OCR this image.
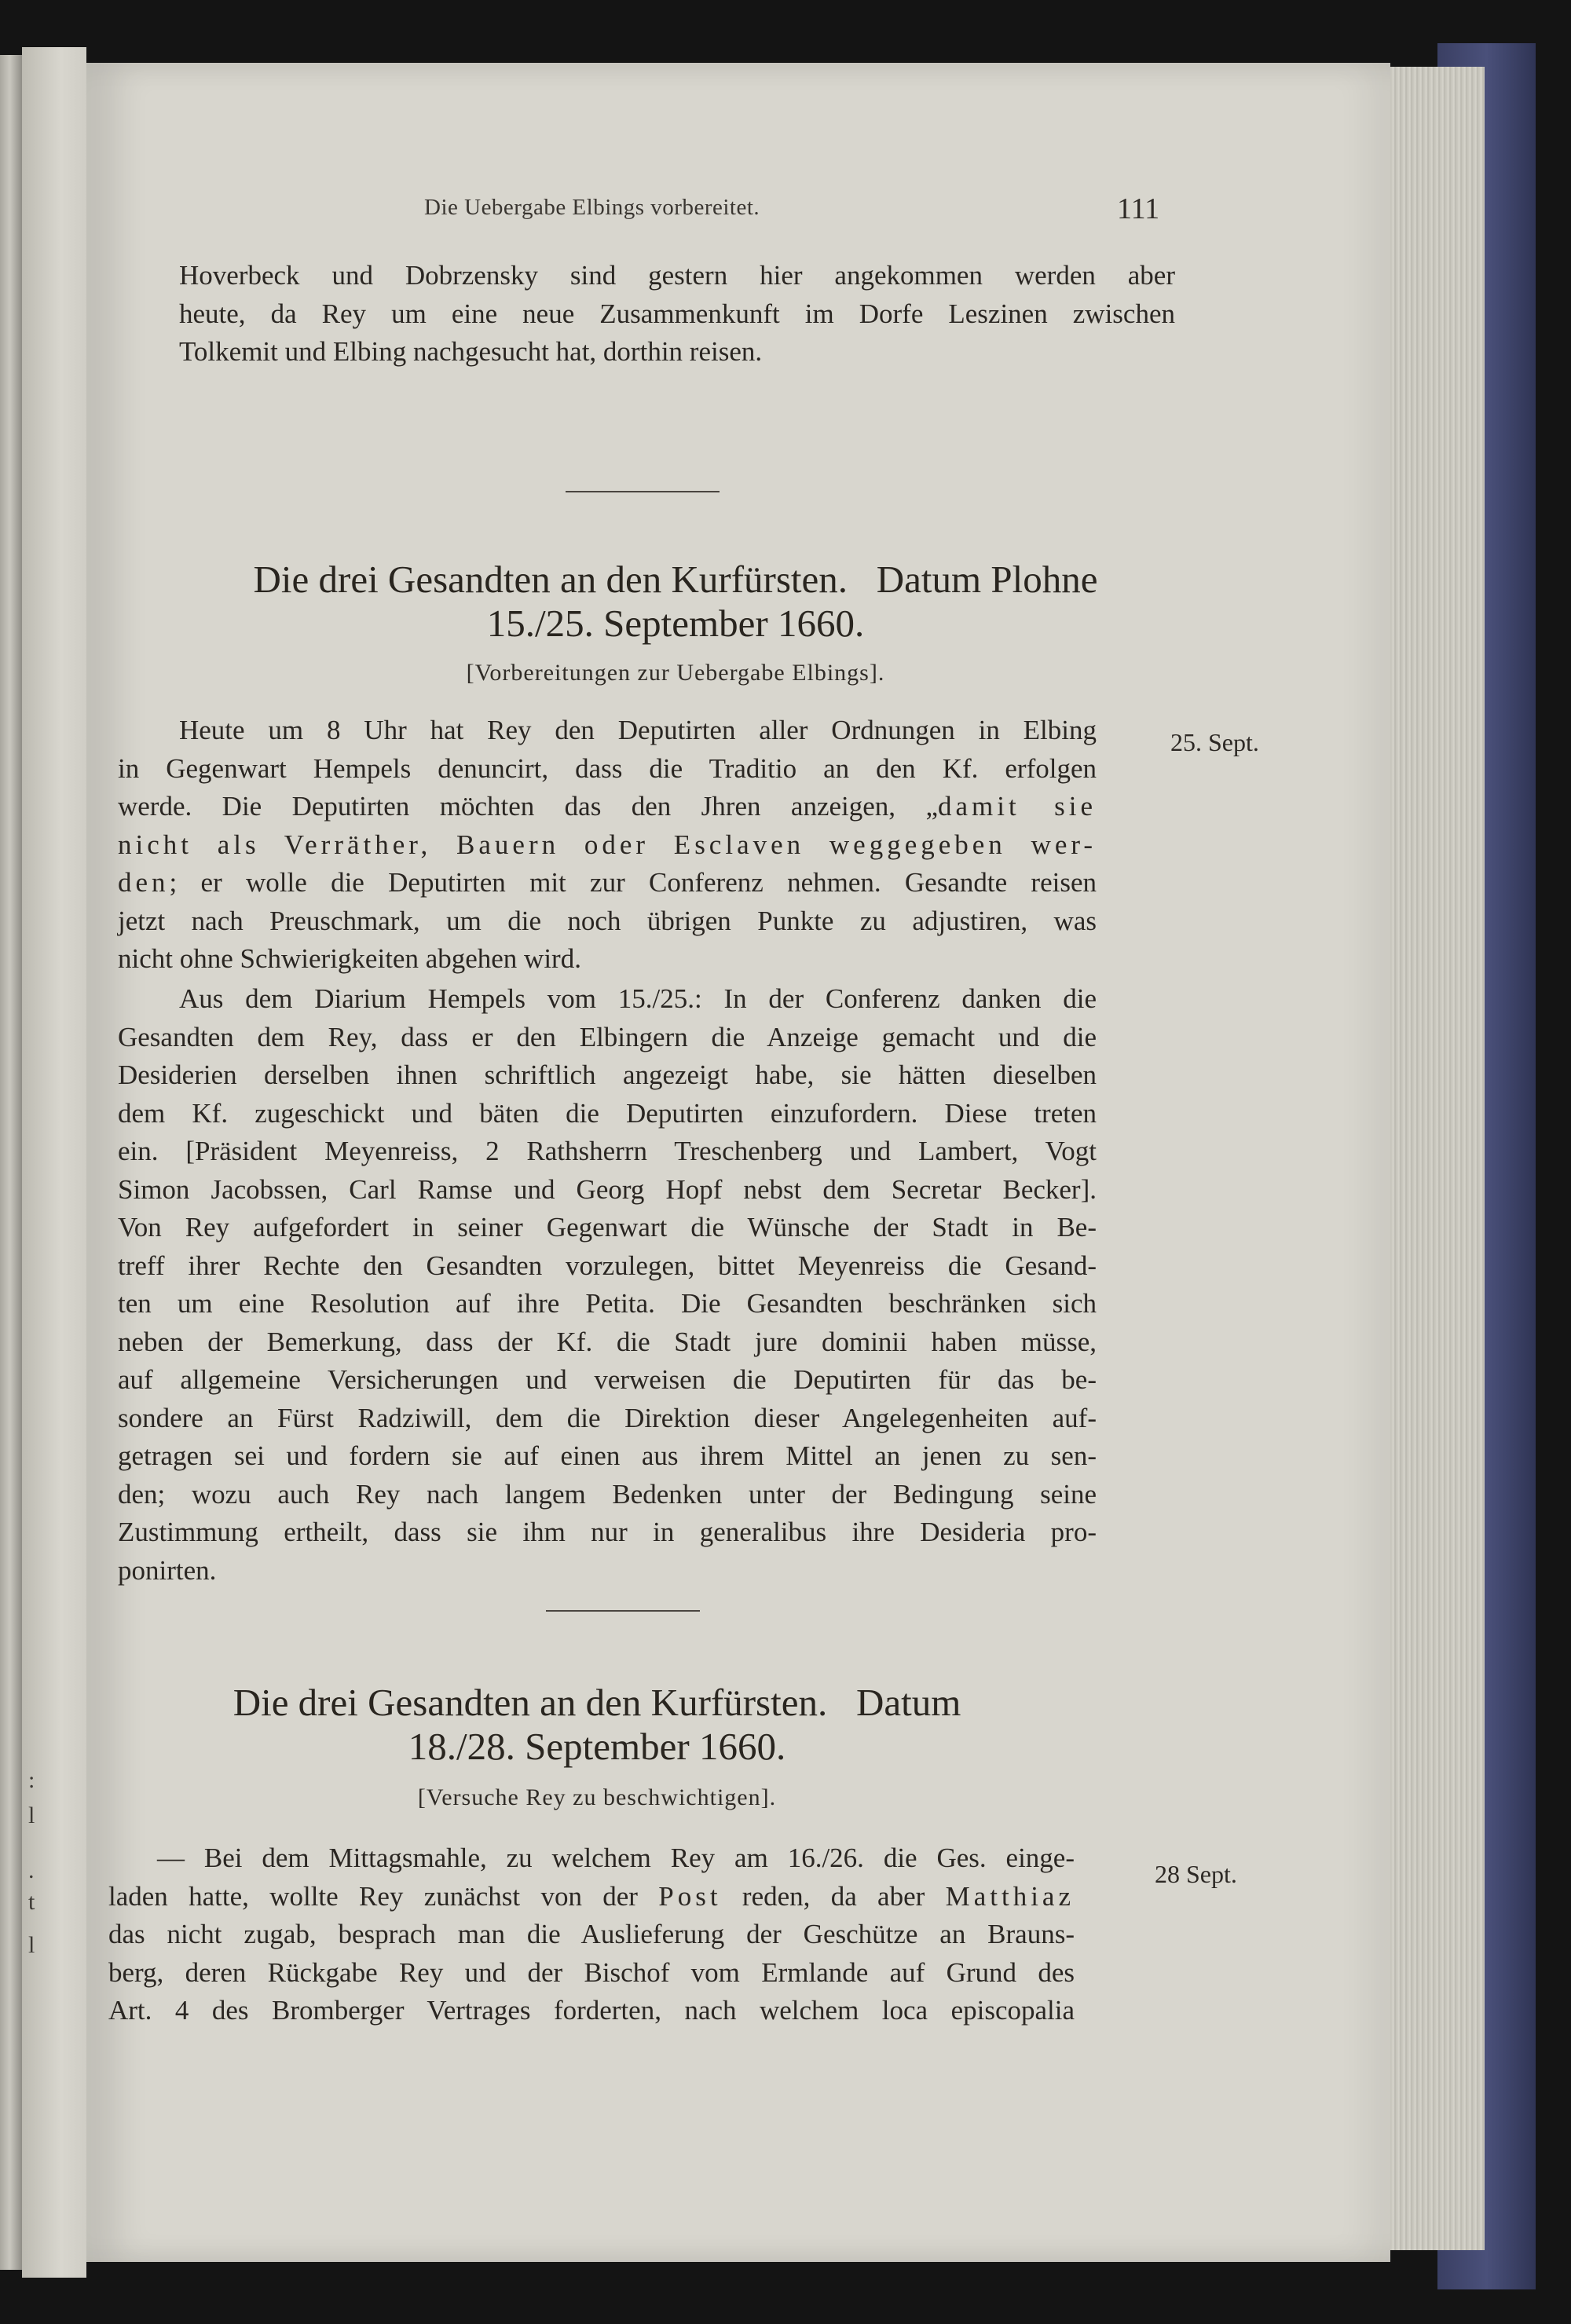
:
l
.
t
l
Die Uebergabe Elbings vorbereitet.	111
Hoverbeck und Dobrzensky sind gestern hier angekommen werden aber
heute, da Rey um eine neue Zusammenkunft im Dorfe Leszinen zwischen
Tolkemit und Elbing nachgesucht hat, dorthin reisen.
Die drei Gesandten an den Kurfürsten.   Datum Plohne
15./25. September 1660.
[Vorbereitungen zur Uebergabe Elbings].
25. Sept.
Heute um 8 Uhr hat Rey den Deputirten aller Ordnungen in Elbing
in Gegenwart Hempels denuncirt, dass die Traditio an den Kf. erfolgen
werde. Die Deputirten möchten das den Jhren anzeigen, „damit sie
nicht als Verräther, Bauern oder Esclaven weggegeben wer-
den; er wolle die Deputirten mit zur Conferenz nehmen. Gesandte reisen
jetzt nach Preuschmark, um die noch übrigen Punkte zu adjustiren, was
nicht ohne Schwierigkeiten abgehen wird.
Aus dem Diarium Hempels vom 15./25.: In der Conferenz danken die
Gesandten dem Rey, dass er den Elbingern die Anzeige gemacht und die
Desiderien derselben ihnen schriftlich angezeigt habe, sie hätten dieselben
dem Kf. zugeschickt und bäten die Deputirten einzufordern. Diese treten
ein. [Präsident Meyenreiss, 2 Rathsherrn Treschenberg und Lambert, Vogt
Simon Jacobssen, Carl Ramse und Georg Hopf nebst dem Secretar Becker].
Von Rey aufgefordert in seiner Gegenwart die Wünsche der Stadt in Be-
treff ihrer Rechte den Gesandten vorzulegen, bittet Meyenreiss die Gesand-
ten um eine Resolution auf ihre Petita. Die Gesandten beschränken sich
neben der Bemerkung, dass der Kf. die Stadt jure dominii haben müsse,
auf allgemeine Versicherungen und verweisen die Deputirten für das be-
sondere an Fürst Radziwill, dem die Direktion dieser Angelegenheiten auf-
getragen sei und fordern sie auf einen aus ihrem Mittel an jenen zu sen-
den; wozu auch Rey nach langem Bedenken unter der Bedingung seine
Zustimmung ertheilt, dass sie ihm nur in generalibus ihre Desideria pro-
ponirten.
Die drei Gesandten an den Kurfürsten.   Datum
18./28. September 1660.
[Versuche Rey zu beschwichtigen].
28 Sept.
— Bei dem Mittagsmahle, zu welchem Rey am 16./26. die Ges. einge-
laden hatte, wollte Rey zunächst von der Post reden, da aber Matthiaz
das nicht zugab, besprach man die Auslieferung der Geschütze an Brauns-
berg, deren Rückgabe Rey und der Bischof vom Ermlande auf Grund des
Art. 4 des Bromberger Vertrages forderten, nach welchem loca episcopalia
